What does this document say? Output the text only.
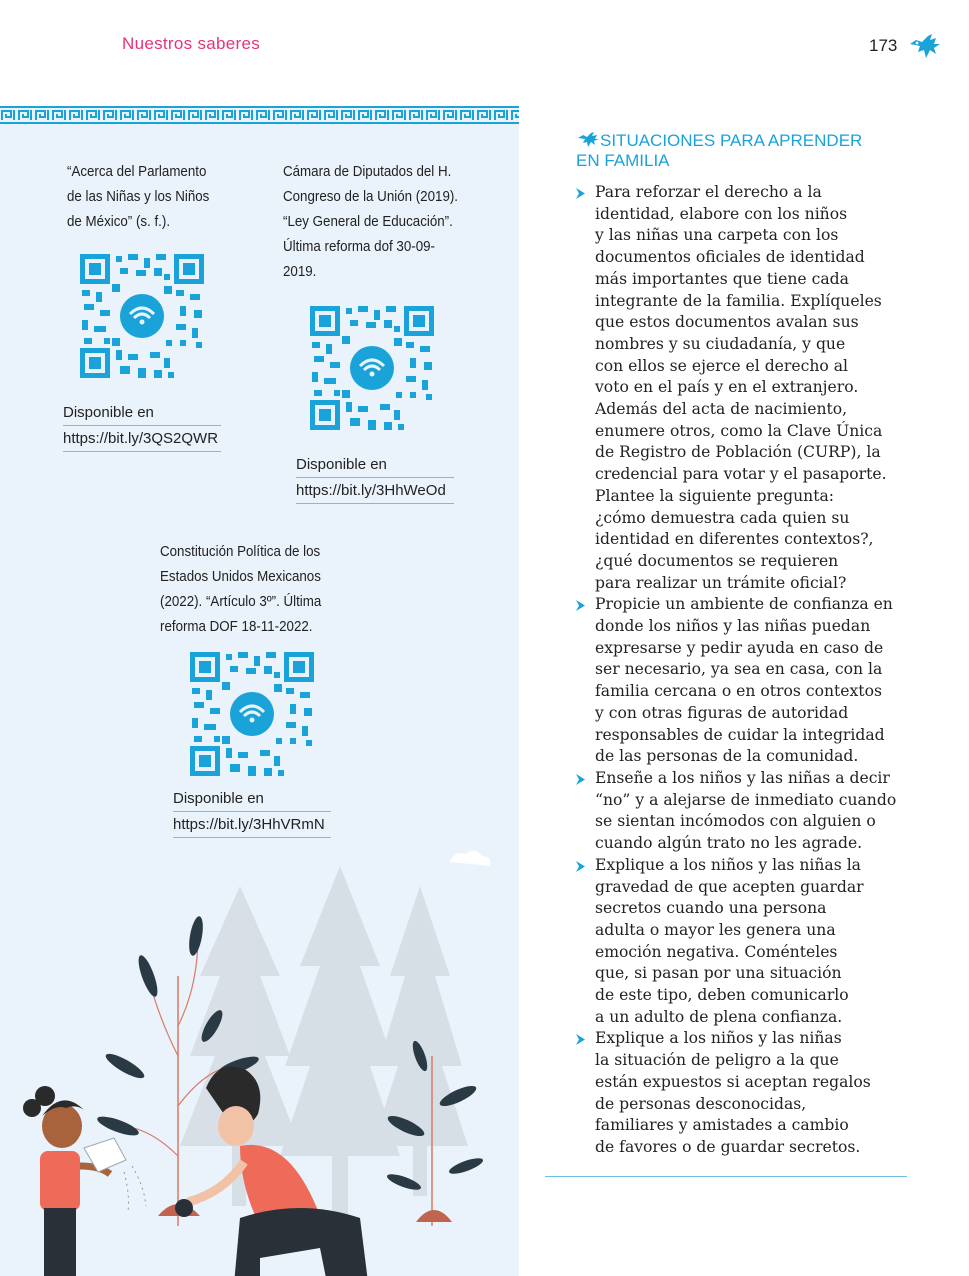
Nuestros saberes	173
“Acerca del Parlamento
de las Niñas y los Niños
de México” (s. f.).
Disponible en
https://bit.ly/3QS2QWR
Cámara de Diputados del H.
Congreso de la Unión (2019).
“Ley General de Educación”.
Última reforma dof 30-09-
2019.
Disponible en
https://bit.ly/3HhWeOd
Constitución Política de los
Estados Unidos Mexicanos
(2022). “Artículo 3º”. Última
reforma DOF 18-11-2022.
Disponible en
https://bit.ly/3HhVRmN
SITUACIONES PARA APRENDER
EN FAMILIA
Para reforzar el derecho a la
identidad, elabore con los niños
y las niñas una carpeta con los
documentos oficiales de identidad
más importantes que tiene cada
integrante de la familia. Explíqueles
que estos documentos avalan sus
nombres y su ciudadanía, y que
con ellos se ejerce el derecho al
voto en el país y en el extranjero.
Además del acta de nacimiento,
enumere otros, como la Clave Única
de Registro de Población (CURP), la
credencial para votar y el pasaporte.
Plantee la siguiente pregunta:
¿cómo demuestra cada quien su
identidad en diferentes contextos?,
¿qué documentos se requieren
para realizar un trámite oficial?
Propicie un ambiente de confianza en
donde los niños y las niñas puedan
expresarse y pedir ayuda en caso de
ser necesario, ya sea en casa, con la
familia cercana o en otros contextos
y con otras figuras de autoridad
responsables de cuidar la integridad
de las personas de la comunidad.
Enseñe a los niños y las niñas a decir
“no” y a alejarse de inmediato cuando
se sientan incómodos con alguien o
cuando algún trato no les agrade.
Explique a los niños y las niñas la
gravedad de que acepten guardar
secretos cuando una persona
adulta o mayor les genera una
emoción negativa. Coménteles
que, si pasan por una situación
de este tipo, deben comunicarlo
a un adulto de plena confianza.
Explique a los niños y las niñas
la situación de peligro a la que
están expuestos si aceptan regalos
de personas desconocidas,
familiares y amistades a cambio
de favores o de guardar secretos.
